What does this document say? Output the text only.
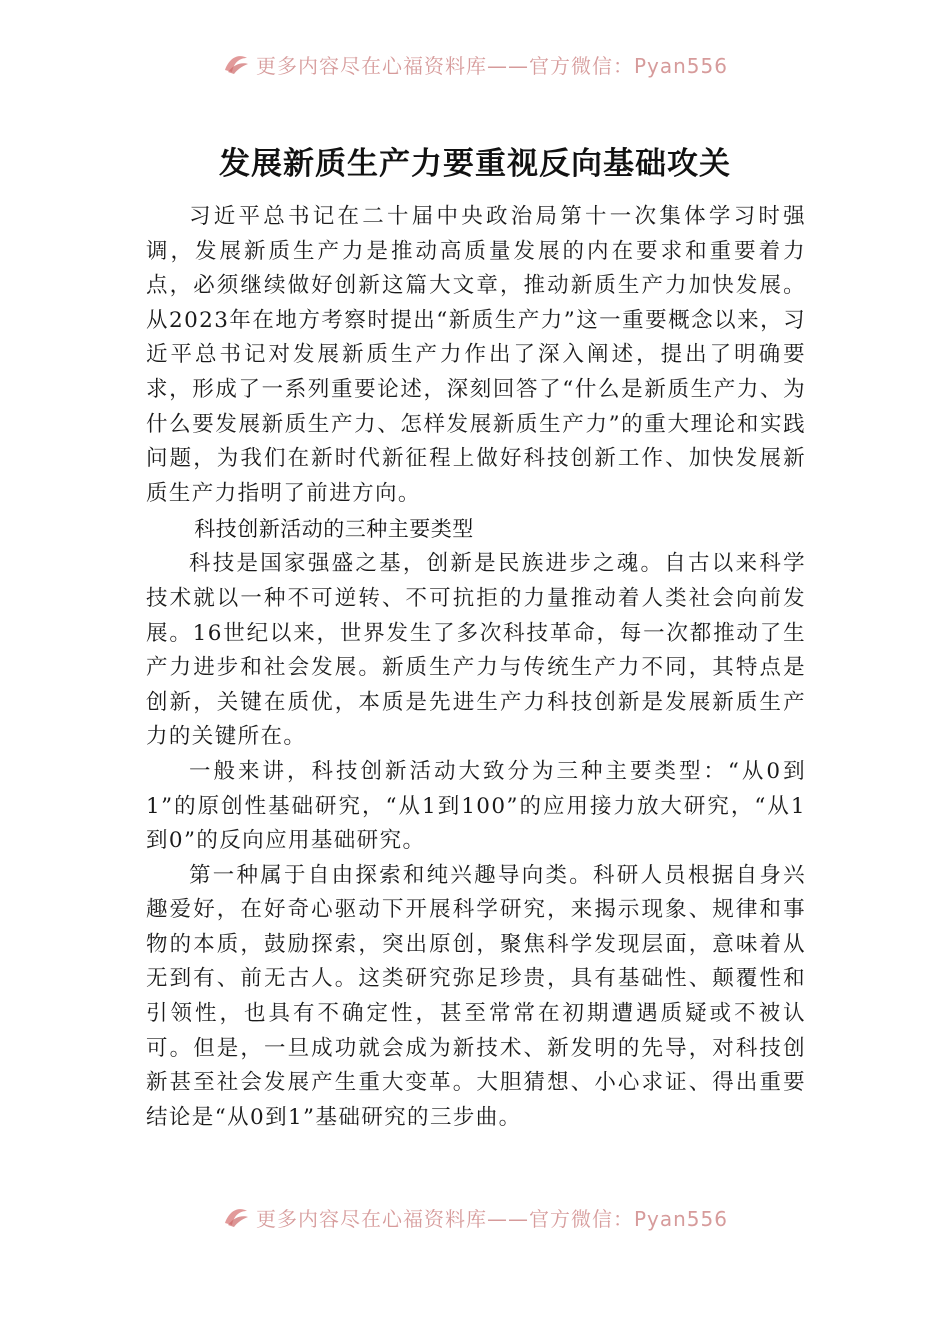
更多内容尽在心福资料库——官方微信：Pyan556
发展新质生产力要重视反向基础攻关

习近平总书记在二十届中央政治局第十一次集体学习时强调，发展新质生产力是推动高质量发展的内在要求和重要着力点，必须继续做好创新这篇大文章，推动新质生产力加快发展。从2023年在地方考察时提出“新质生产力”这一重要概念以来，习近平总书记对发展新质生产力作出了深入阐述，提出了明确要求，形成了一系列重要论述，深刻回答了“什么是新质生产力、为什么要发展新质生产力、怎样发展新质生产力”的重大理论和实践问题，为我们在新时代新征程上做好科技创新工作、加快发展新质生产力指明了前进方向。

科技创新活动的三种主要类型

科技是国家强盛之基，创新是民族进步之魂。自古以来科学技术就以一种不可逆转、不可抗拒的力量推动着人类社会向前发展。16世纪以来，世界发生了多次科技革命，每一次都推动了生产力进步和社会发展。新质生产力与传统生产力不同，其特点是创新，关键在质优，本质是先进生产力科技创新是发展新质生产力的关键所在。

一般来讲，科技创新活动大致分为三种主要类型：“从0到1”的原创性基础研究，“从1到100”的应用接力放大研究，“从1到0”的反向应用基础研究。

第一种属于自由探索和纯兴趣导向类。科研人员根据自身兴趣爱好，在好奇心驱动下开展科学研究，来揭示现象、规律和事物的本质，鼓励探索，突出原创，聚焦科学发现层面，意味着从无到有、前无古人。这类研究弥足珍贵，具有基础性、颠覆性和引领性，也具有不确定性，甚至常常在初期遭遇质疑或不被认可。但是，一旦成功就会成为新技术、新发明的先导，对科技创新甚至社会发展产生重大变革。大胆猜想、小心求证、得出重要结论是“从0到1”基础研究的三步曲。

更多内容尽在心福资料库——官方微信：Pyan556
